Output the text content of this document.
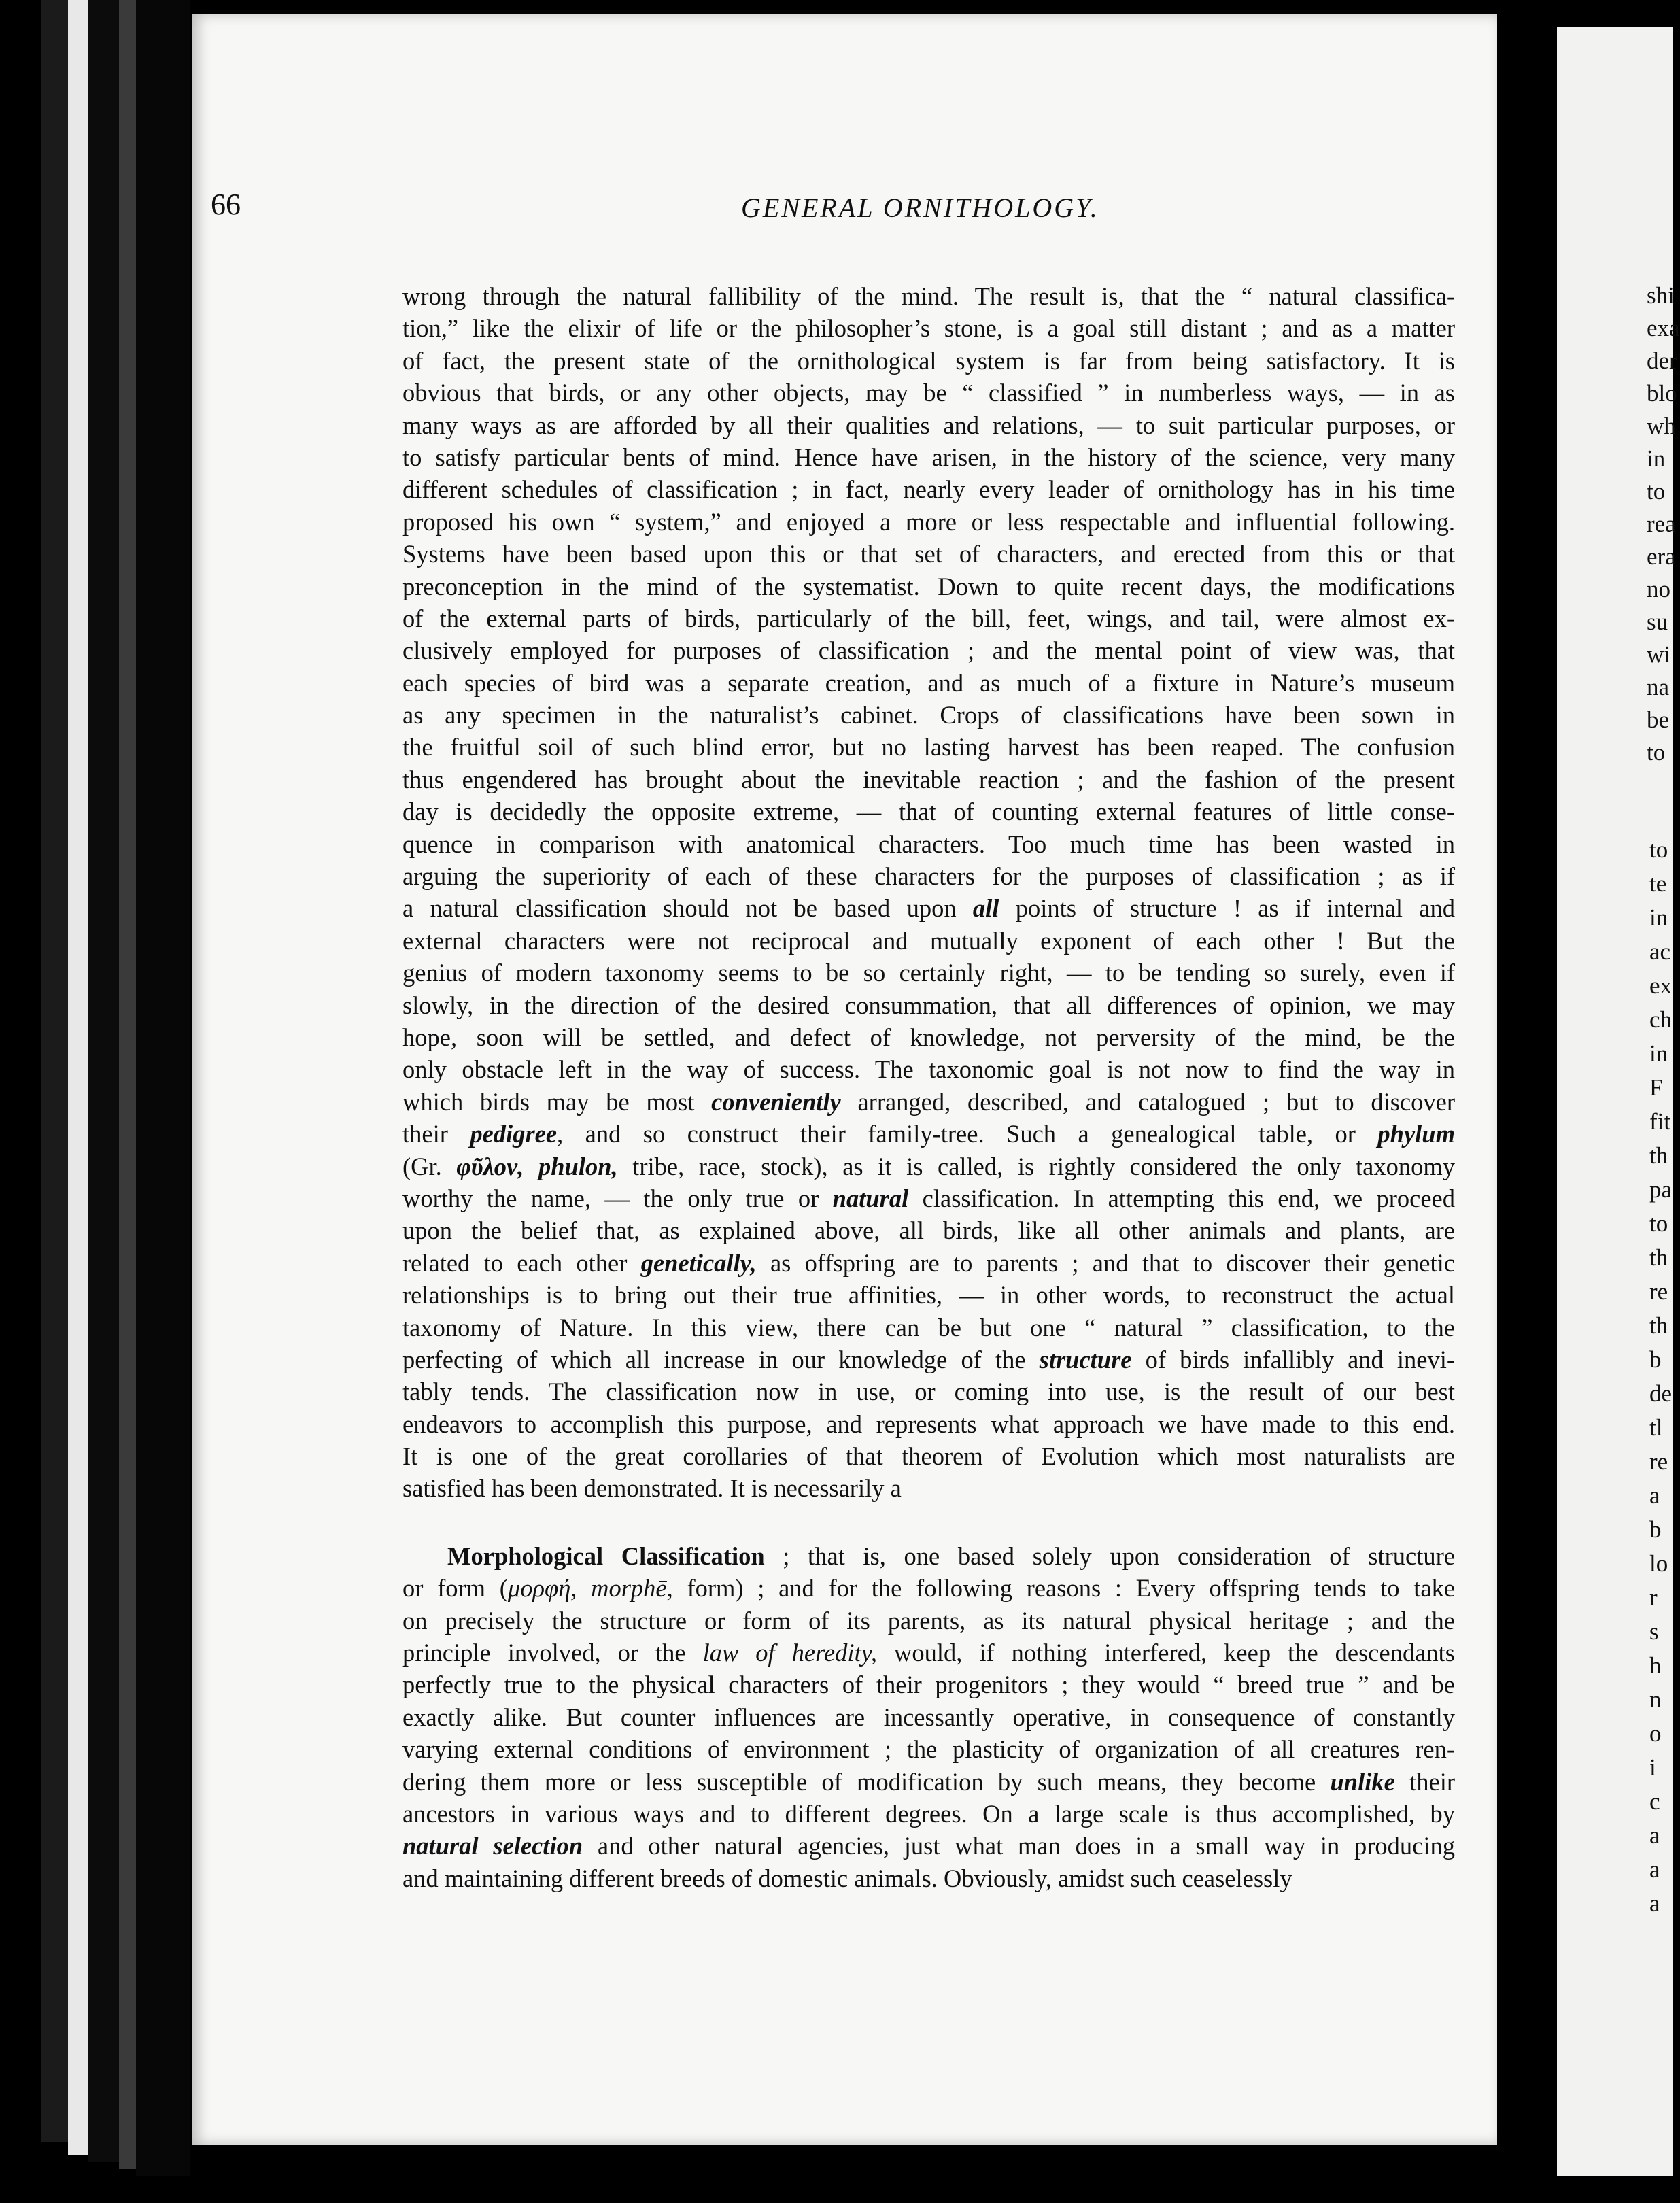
66	GENERAL ORNITHOLOGY.
wrong through the natural fallibility of the mind. The result is, that the “ natural classifica-
tion,” like the elixir of life or the philosopher’s stone, is a goal still distant ; and as a matter
of fact, the present state of the ornithological system is far from being satisfactory. It is
obvious that birds, or any other objects, may be “ classified ” in numberless ways, — in as
many ways as are afforded by all their qualities and relations, — to suit particular purposes, or
to satisfy particular bents of mind. Hence have arisen, in the history of the science, very many
different schedules of classification ; in fact, nearly every leader of ornithology has in his time
proposed his own “ system,” and enjoyed a more or less respectable and influential following.
Systems have been based upon this or that set of characters, and erected from this or that
preconception in the mind of the systematist. Down to quite recent days, the modifications
of the external parts of birds, particularly of the bill, feet, wings, and tail, were almost ex-
clusively employed for purposes of classification ; and the mental point of view was, that
each species of bird was a separate creation, and as much of a fixture in Nature’s museum
as any specimen in the naturalist’s cabinet. Crops of classifications have been sown in
the fruitful soil of such blind error, but no lasting harvest has been reaped. The confusion
thus engendered has brought about the inevitable reaction ; and the fashion of the present
day is decidedly the opposite extreme, — that of counting external features of little conse-
quence in comparison with anatomical characters. Too much time has been wasted in
arguing the superiority of each of these characters for the purposes of classification ; as if
a natural classification should not be based upon all points of structure ! as if internal and
external characters were not reciprocal and mutually exponent of each other ! But the
genius of modern taxonomy seems to be so certainly right, — to be tending so surely, even if
slowly, in the direction of the desired consummation, that all differences of opinion, we may
hope, soon will be settled, and defect of knowledge, not perversity of the mind, be the
only obstacle left in the way of success. The taxonomic goal is not now to find the way in
which birds may be most conveniently arranged, described, and catalogued ; but to discover
their pedigree, and so construct their family-tree. Such a genealogical table, or phylum
(Gr. φῦλον, phulon, tribe, race, stock), as it is called, is rightly considered the only taxonomy
worthy the name, — the only true or natural classification. In attempting this end, we proceed
upon the belief that, as explained above, all birds, like all other animals and plants, are
related to each other genetically, as offspring are to parents ; and that to discover their genetic
relationships is to bring out their true affinities, — in other words, to reconstruct the actual
taxonomy of Nature. In this view, there can be but one “ natural ” classification, to the
perfecting of which all increase in our knowledge of the structure of birds infallibly and inevi-
tably tends. The classification now in use, or coming into use, is the result of our best
endeavors to accomplish this purpose, and represents what approach we have made to this end.
It is one of the great corollaries of that theorem of Evolution which most naturalists are
satisfied has been demonstrated. It is necessarily a
Morphological Classification ; that is, one based solely upon consideration of structure
or form (μορφή, morphē, form) ; and for the following reasons : Every offspring tends to take
on precisely the structure or form of its parents, as its natural physical heritage ; and the
principle involved, or the law of heredity, would, if nothing interfered, keep the descendants
perfectly true to the physical characters of their progenitors ; they would “ breed true ” and be
exactly alike. But counter influences are incessantly operative, in consequence of constantly
varying external conditions of environment ; the plasticity of organization of all creatures ren-
dering them more or less susceptible of modification by such means, they become unlike their
ancestors in various ways and to different degrees. On a large scale is thus accomplished, by
natural selection and other natural agencies, just what man does in a small way in producing
and maintaining different breeds of domestic animals. Obviously, amidst such ceaselessly
shi
exa
der
blo
wh
in
to
rea
era
no
su
wi
na
be
to
to
te
in
ac
ex
ch
in
F
fit
th
pa
to
th
re
th
b
de
tl
re
a
b
lo
r
s
h
n
o
i
c
a
a
a
